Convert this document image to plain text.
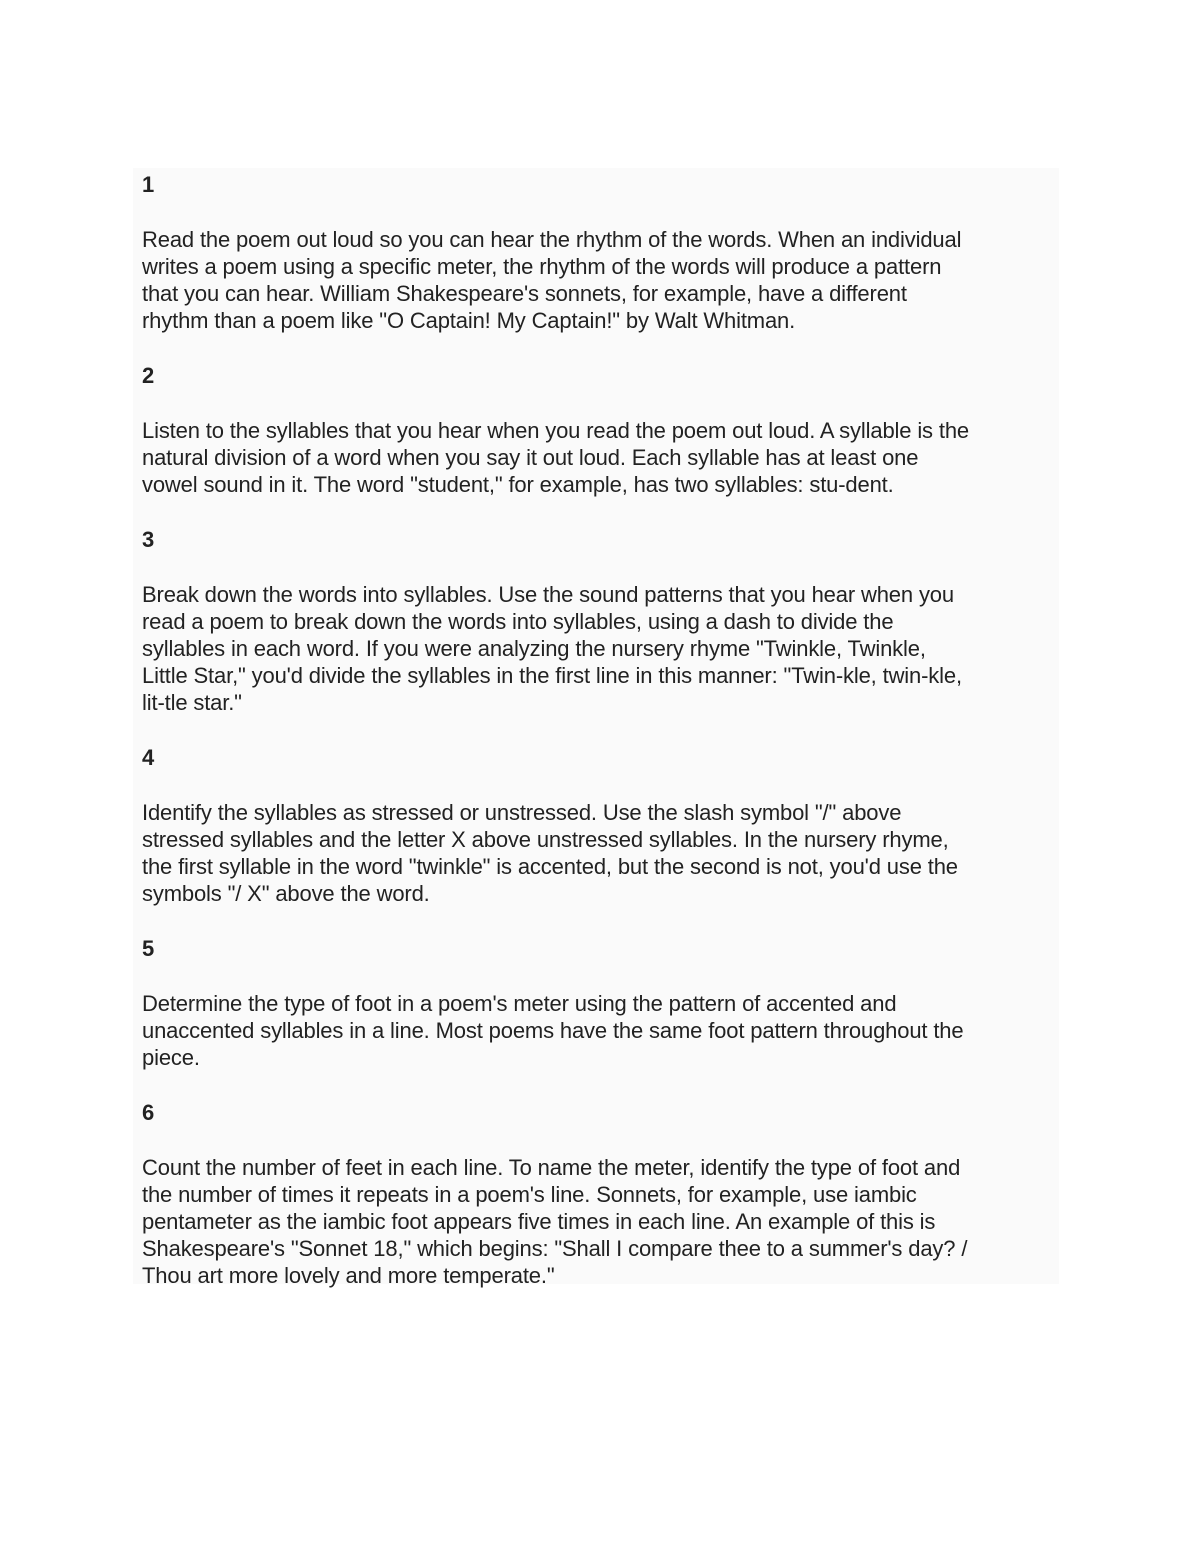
1

Read the poem out loud so you can hear the rhythm of the words. When an individual
writes a poem using a specific meter, the rhythm of the words will produce a pattern
that you can hear. William Shakespeare's sonnets, for example, have a different
rhythm than a poem like "O Captain! My Captain!" by Walt Whitman.

2

Listen to the syllables that you hear when you read the poem out loud. A syllable is the
natural division of a word when you say it out loud. Each syllable has at least one
vowel sound in it. The word "student," for example, has two syllables: stu-dent.

3

Break down the words into syllables. Use the sound patterns that you hear when you
read a poem to break down the words into syllables, using a dash to divide the
syllables in each word. If you were analyzing the nursery rhyme "Twinkle, Twinkle,
Little Star," you'd divide the syllables in the first line in this manner: "Twin-kle, twin-kle,
lit-tle star."

4

Identify the syllables as stressed or unstressed. Use the slash symbol "/" above
stressed syllables and the letter X above unstressed syllables. In the nursery rhyme,
the first syllable in the word "twinkle" is accented, but the second is not, you'd use the
symbols "/ X" above the word.

5

Determine the type of foot in a poem's meter using the pattern of accented and
unaccented syllables in a line. Most poems have the same foot pattern throughout the
piece.

6

Count the number of feet in each line. To name the meter, identify the type of foot and
the number of times it repeats in a poem's line. Sonnets, for example, use iambic
pentameter as the iambic foot appears five times in each line. An example of this is
Shakespeare's "Sonnet 18," which begins: "Shall I compare thee to a summer's day? /
Thou art more lovely and more temperate."
